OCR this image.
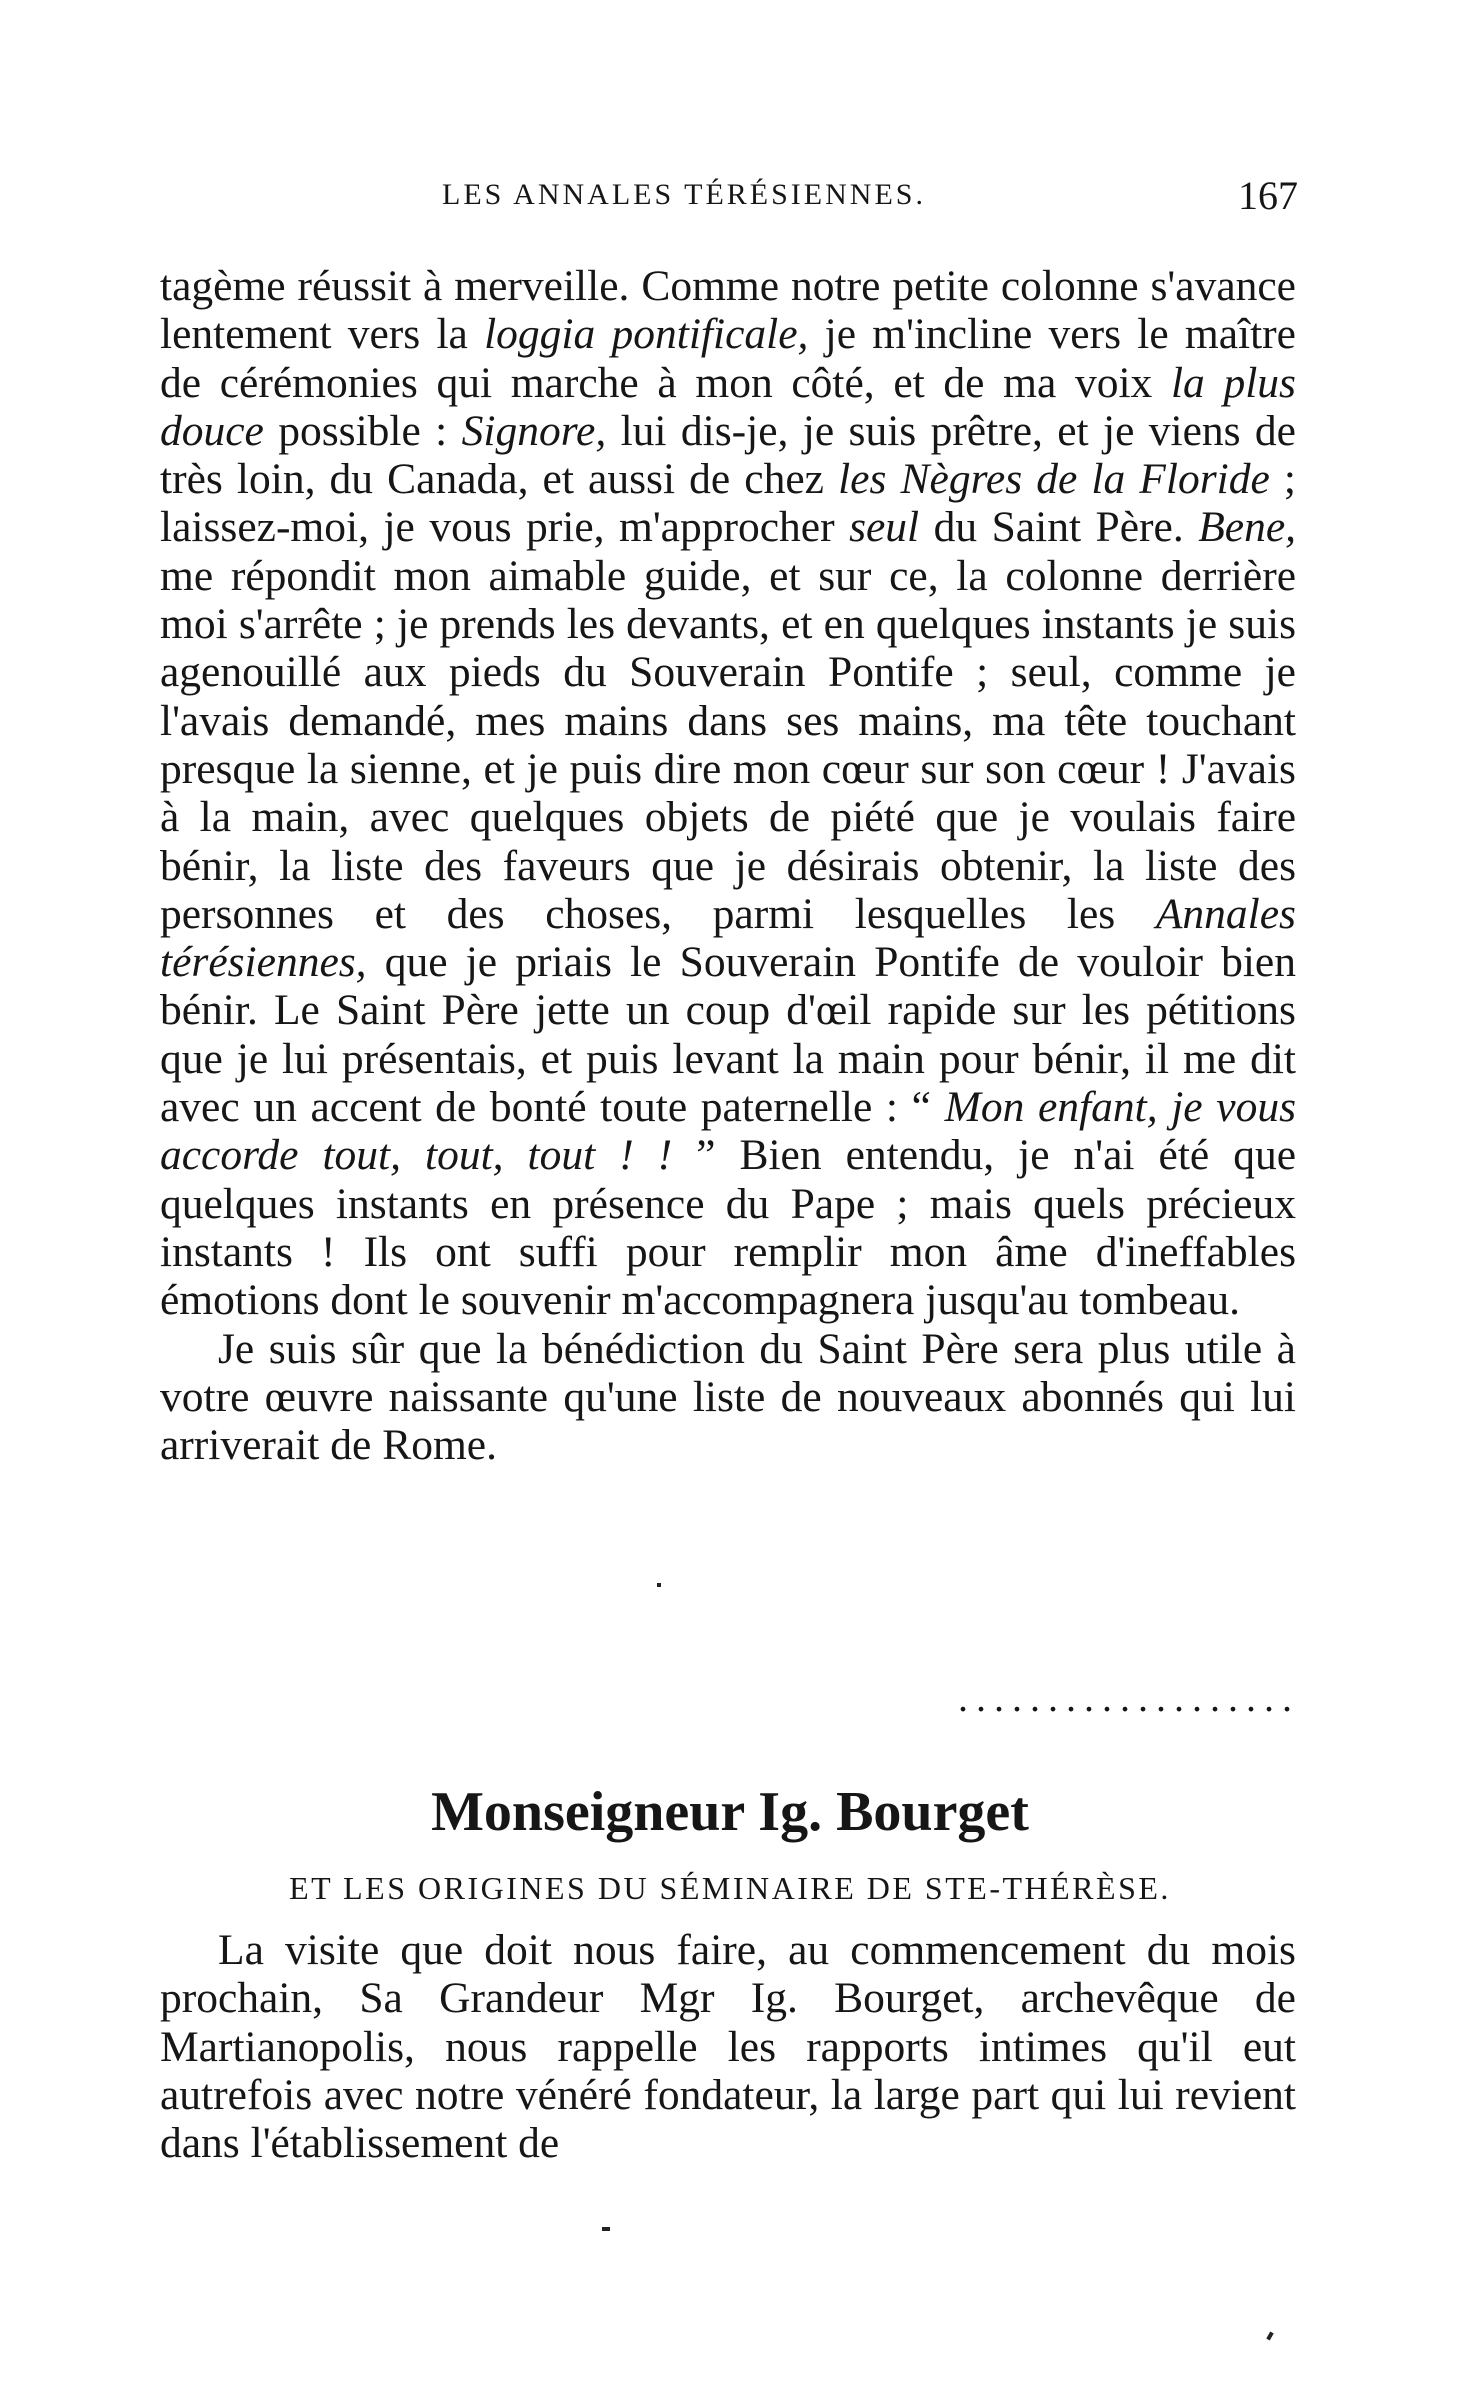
LES ANNALES TÉRÉSIENNES.	167

tagème réussit à merveille. Comme notre petite colonne s'avance lentement vers la loggia pontificale, je m'incline vers le maître de cérémonies qui marche à mon côté, et de ma voix la plus douce possible : Signore, lui dis-je, je suis prêtre, et je viens de très loin, du Canada, et aussi de chez les Nègres de la Floride ; laissez-moi, je vous prie, m'approcher seul du Saint Père. Bene, me répondit mon aimable guide, et sur ce, la colonne derrière moi s'arrête ; je prends les devants, et en quelques instants je suis agenouillé aux pieds du Souverain Pontife ; seul, comme je l'avais demandé, mes mains dans ses mains, ma tête touchant presque la sienne, et je puis dire mon cœur sur son cœur ! J'avais à la main, avec quelques objets de piété que je voulais faire bénir, la liste des faveurs que je désirais obtenir, la liste des personnes et des choses, parmi lesquelles les Annales térésiennes, que je priais le Souverain Pontife de vouloir bien bénir. Le Saint Père jette un coup d'œil rapide sur les pétitions que je lui présentais, et puis levant la main pour bénir, il me dit avec un accent de bonté toute paternelle : “ Mon enfant, je vous accorde tout, tout, tout ! ! ” Bien entendu, je n'ai été que quelques instants en présence du Pape ; mais quels précieux instants ! Ils ont suffi pour remplir mon âme d'ineffables émotions dont le souvenir m'accompagnera jusqu'au tombeau.

Je suis sûr que la bénédiction du Saint Père sera plus utile à votre œuvre naissante qu'une liste de nouveaux abonnés qui lui arriverait de Rome.

...................
Monseigneur Ig. Bourget
ET LES ORIGINES DU SÉMINAIRE DE STE-THÉRÈSE.

La visite que doit nous faire, au commencement du mois prochain, Sa Grandeur Mgr Ig. Bourget, archevêque de Martianopolis, nous rappelle les rapports intimes qu'il eut autrefois avec notre vénéré fondateur, la large part qui lui revient dans l'établissement de
